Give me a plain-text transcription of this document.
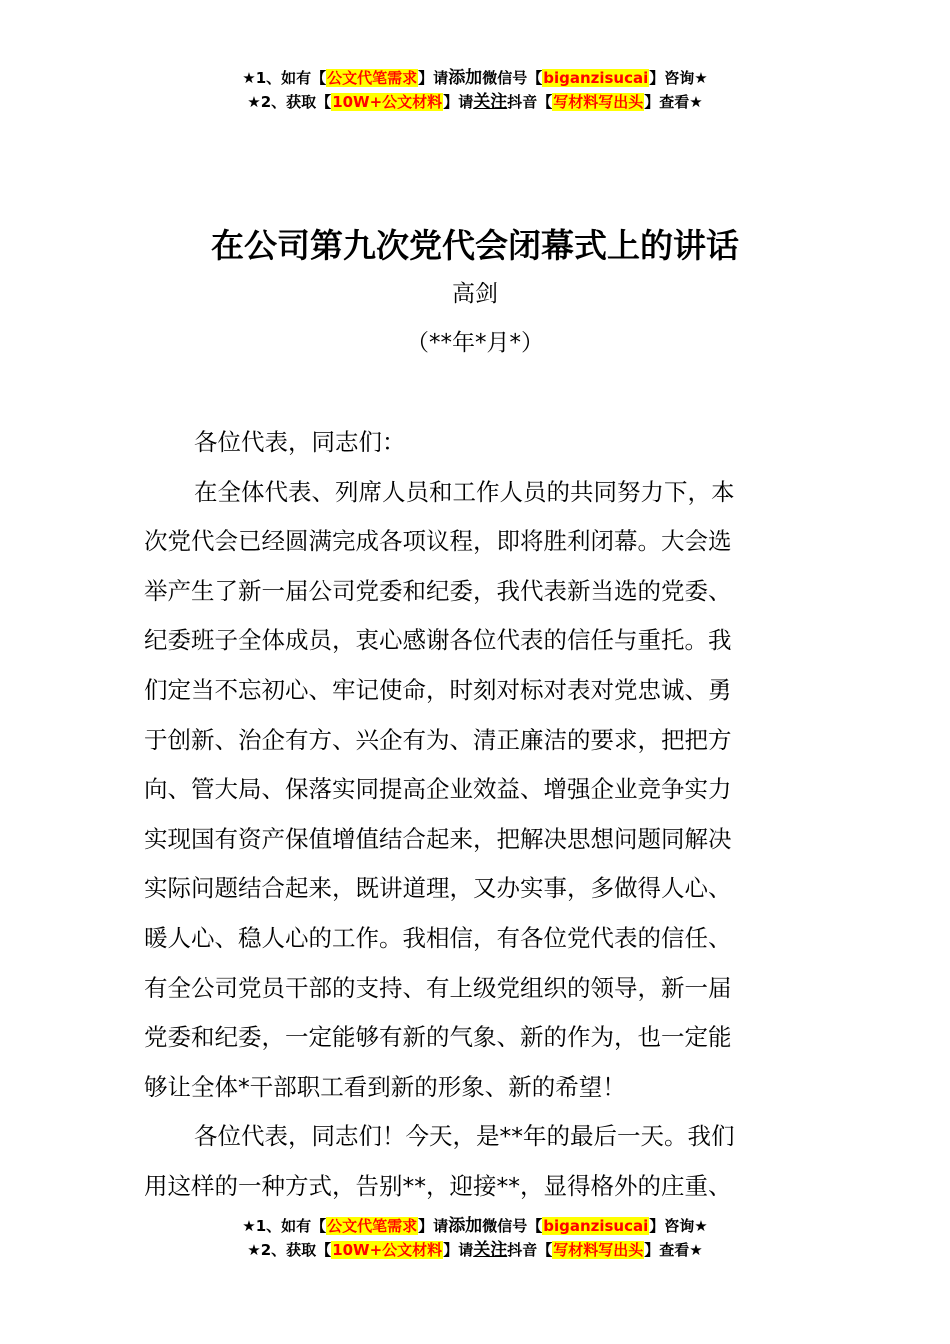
★1、如有【公文代笔需求】请添加微信号【biganzisucai】咨询★
★2、获取【10W+公文材料】请关注抖音【写材料写出头】查看★
在公司第九次党代会闭幕式上的讲话
高剑
（**年*月*）
各位代表，同志们：
在全体代表、列席人员和工作人员的共同努力下，本
次党代会已经圆满完成各项议程，即将胜利闭幕。大会选
举产生了新一届公司党委和纪委，我代表新当选的党委、
纪委班子全体成员，衷心感谢各位代表的信任与重托。我
们定当不忘初心、牢记使命，时刻对标对表对党忠诚、勇
于创新、治企有方、兴企有为、清正廉洁的要求，把把方
向、管大局、保落实同提高企业效益、增强企业竞争实力
实现国有资产保值增值结合起来，把解决思想问题同解决
实际问题结合起来，既讲道理，又办实事，多做得人心、
暖人心、稳人心的工作。我相信，有各位党代表的信任、
有全公司党员干部的支持、有上级党组织的领导，新一届
党委和纪委，一定能够有新的气象、新的作为，也一定能
够让全体*干部职工看到新的形象、新的希望！
各位代表，同志们！今天，是**年的最后一天。我们
用这样的一种方式，告别**，迎接**，显得格外的庄重、
★1、如有【公文代笔需求】请添加微信号【biganzisucai】咨询★
★2、获取【10W+公文材料】请关注抖音【写材料写出头】查看★
